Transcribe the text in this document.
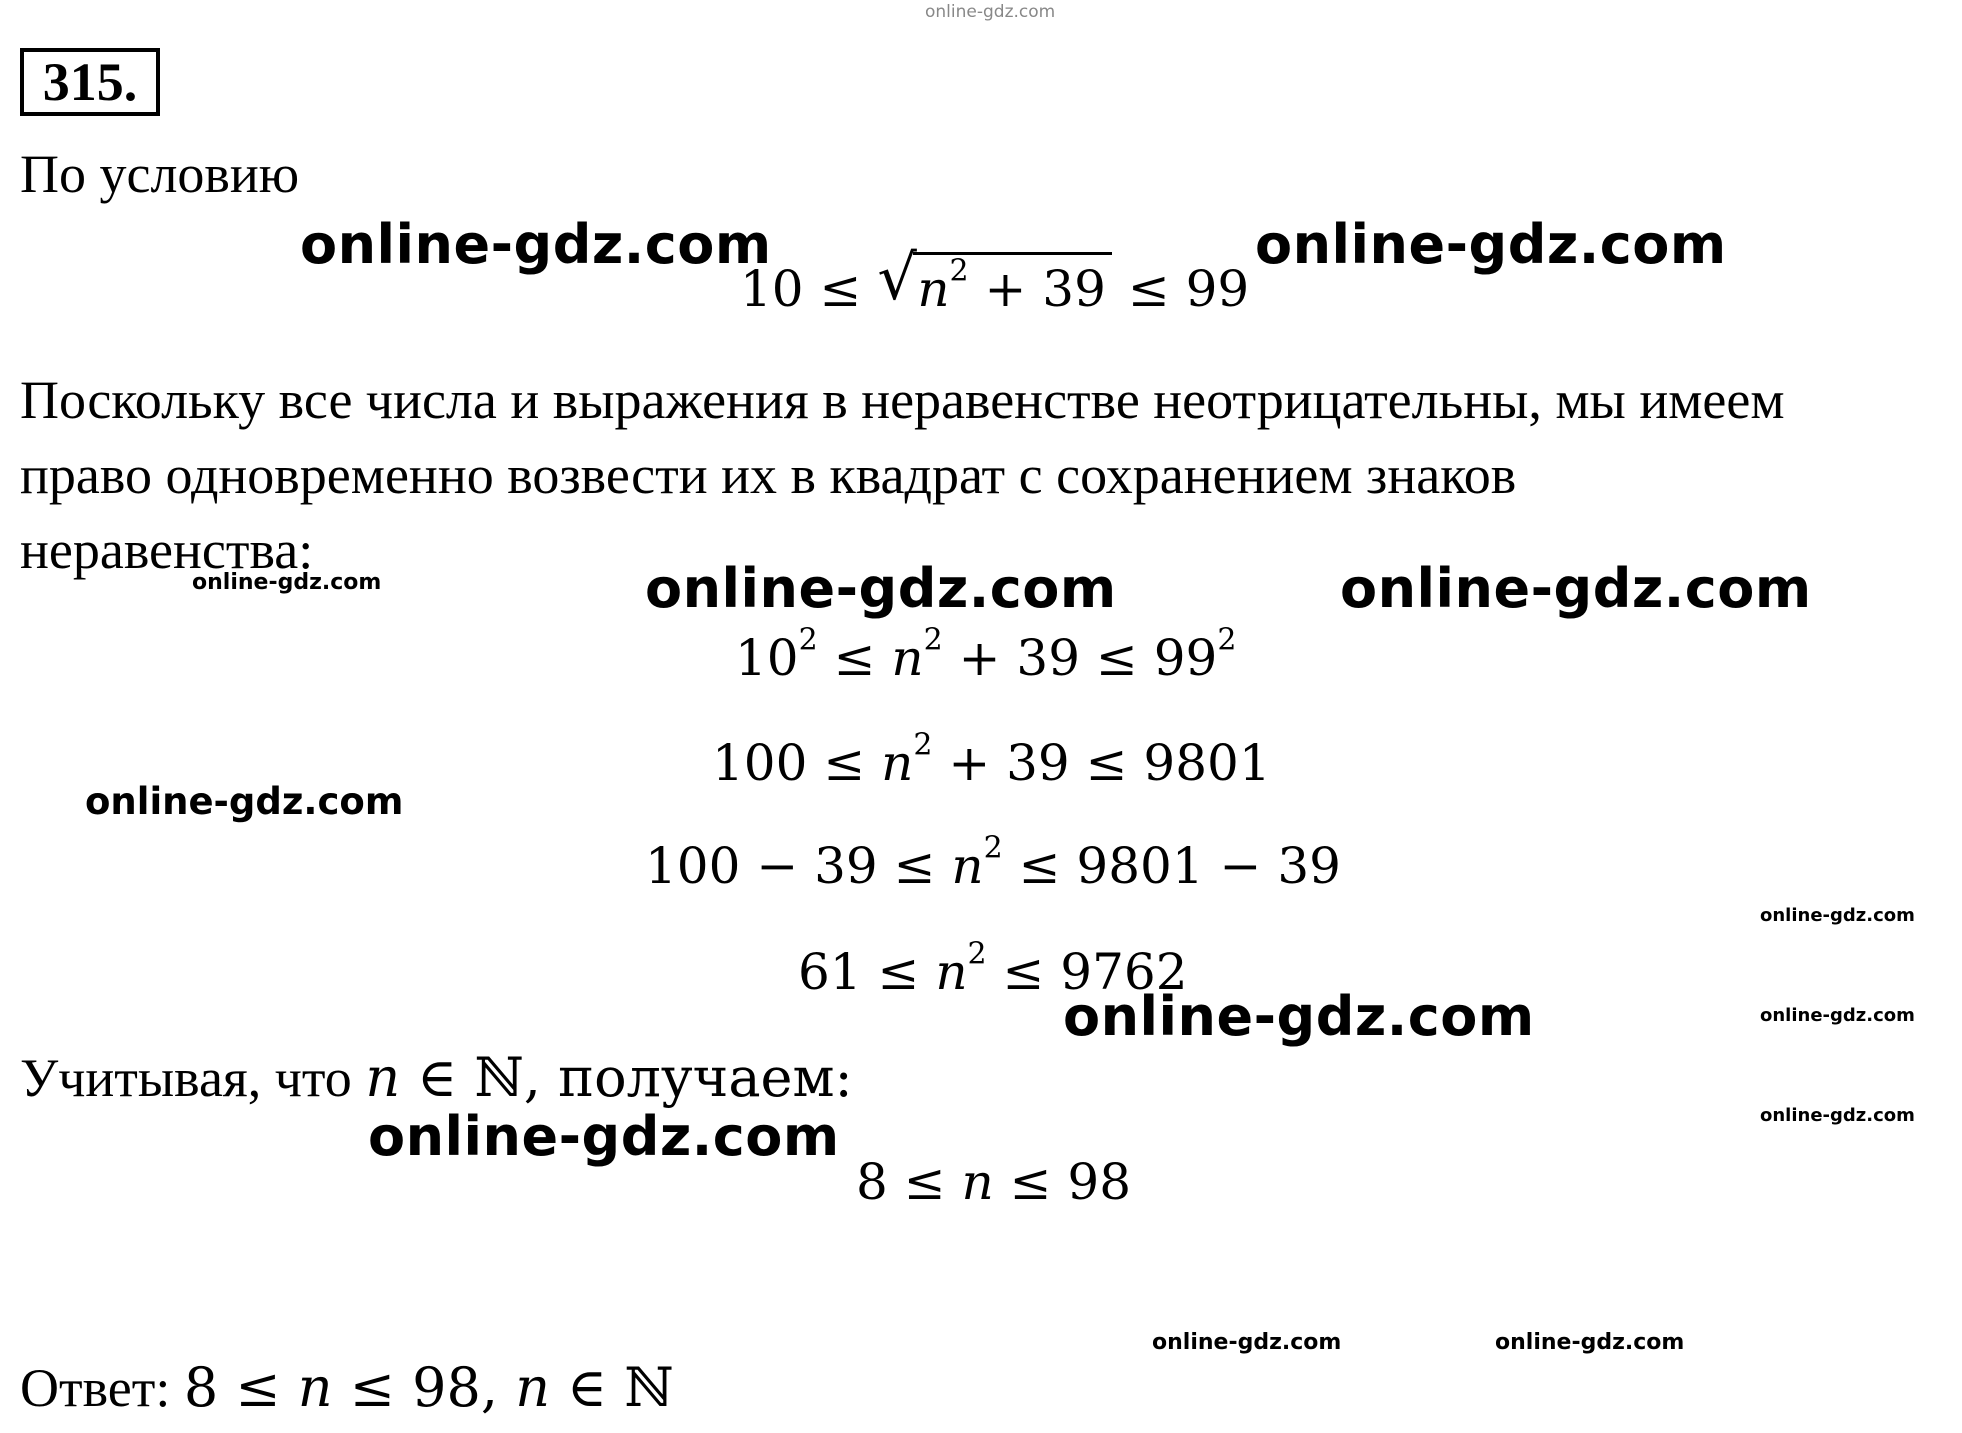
online-gdz.com
315.
По условию
10 ≤ √ $n^2 + 39 \le 99$
Поскольку все числа и выражения в неравенстве неотрицательны, мы имеем
право одновременно возвести их в квадрат с сохранением знаков
неравенства:
$10^2 \le n^2 + 39 \le 99^2$
$100 \le n^2 + 39 \le 9801$
$100 - 39 \le n^2 \le 9801 - 39$
$61 \le n^2 \le 9762$
Учитывая, что n ∈ ℕ, получаем:
8 ≤ n ≤ 98
Ответ: 8 ≤ n ≤ 98, n ∈ ℕ
online-gdz.com	online-gdz.com
online-gdz.com	online-gdz.com	online-gdz.com
online-gdz.com
online-gdz.com
online-gdz.com
online-gdz.com
online-gdz.com
online-gdz.com
online-gdz.com	online-gdz.com
